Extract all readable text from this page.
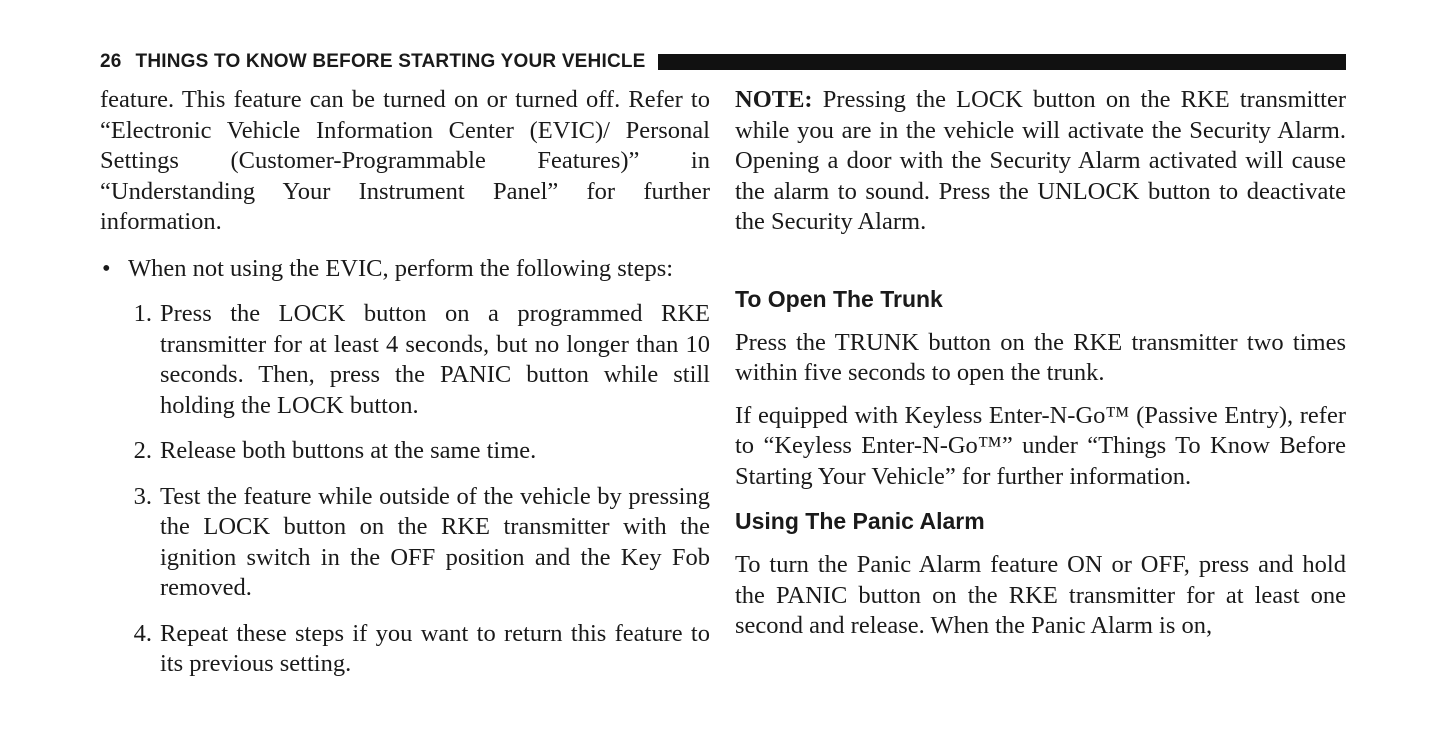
26 THINGS TO KNOW BEFORE STARTING YOUR VEHICLE

feature. This feature can be turned on or turned off. Refer to “Electronic Vehicle Information Center (EVIC)/ Personal Settings (Customer-Programmable Features)” in “Understanding Your Instrument Panel” for further information.

• When not using the EVIC, perform the following steps:
1. Press the LOCK button on a programmed RKE transmitter for at least 4 seconds, but no longer than 10 seconds. Then, press the PANIC button while still holding the LOCK button.
2. Release both buttons at the same time.
3. Test the feature while outside of the vehicle by pressing the LOCK button on the RKE transmitter with the ignition switch in the OFF position and the Key Fob removed.
4. Repeat these steps if you want to return this feature to its previous setting.

NOTE: Pressing the LOCK button on the RKE transmitter while you are in the vehicle will activate the Security Alarm. Opening a door with the Security Alarm activated will cause the alarm to sound. Press the UNLOCK button to deactivate the Security Alarm.

To Open The Trunk

Press the TRUNK button on the RKE transmitter two times within five seconds to open the trunk.

If equipped with Keyless Enter-N-Go™ (Passive Entry), refer to “Keyless Enter-N-Go™” under “Things To Know Before Starting Your Vehicle” for further information.

Using The Panic Alarm

To turn the Panic Alarm feature ON or OFF, press and hold the PANIC button on the RKE transmitter for at least one second and release. When the Panic Alarm is on,
